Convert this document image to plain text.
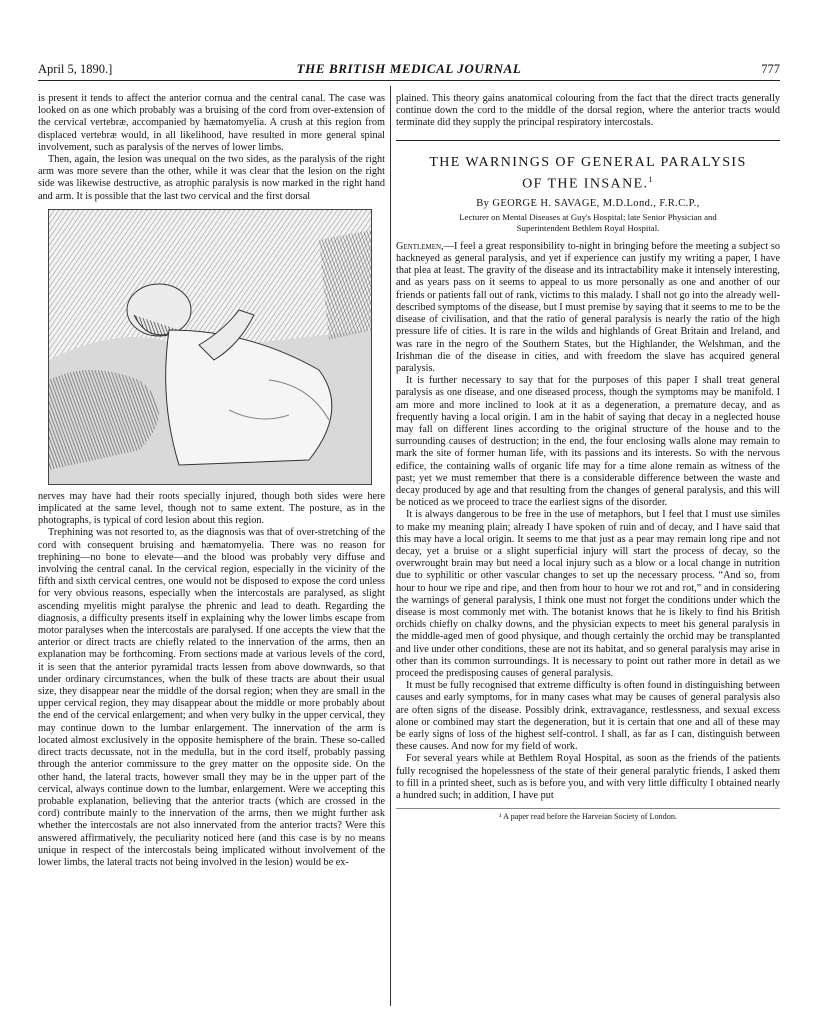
April 5, 1890.]	THE BRITISH MEDICAL JOURNAL	777

is present it tends to affect the anterior cornua and the central canal. The case was looked on as one which probably was a bruising of the cord from over-extension of the cervical vertebræ, accompanied by hæmatomyelia. A crush at this region from displaced vertebræ would, in all likelihood, have resulted in more general spinal involvement, such as paralysis of the nerves of lower limbs.

Then, again, the lesion was unequal on the two sides, as the paralysis of the right arm was more severe than the other, while it was clear that the lesion on the right side was likewise destructive, as atrophic paralysis is now marked in the right hand and arm. It is possible that the last two cervical and the first dorsal

nerves may have had their roots specially injured, though both sides were here implicated at the same level, though not to same extent. The posture, as in the photographs, is typical of cord lesion about this region.

Trephining was not resorted to, as the diagnosis was that of over-stretching of the cord with consequent bruising and hæmatomyelia. There was no reason for trephining—no bone to elevate—and the blood was probably very diffuse and involving the central canal. In the cervical region, especially in the vicinity of the fifth and sixth cervical centres, one would not be disposed to expose the cord unless for very obvious reasons, especially when the intercostals are paralysed, as slight ascending myelitis might paralyse the phrenic and lead to death. Regarding the diagnosis, a difficulty presents itself in explaining why the lower limbs escape from motor paralyses when the intercostals are paralysed. If one accepts the view that the anterior or direct tracts are chiefly related to the innervation of the arms, then an explanation may be forthcoming. From sections made at various levels of the cord, it is seen that the anterior pyramidal tracts lessen from above downwards, so that under ordinary circumstances, when the bulk of these tracts are about their usual size, they disappear near the middle of the dorsal region; when they are small in the upper cervical region, they may disappear about the middle or more probably about the end of the cervical enlargement; and when very bulky in the upper cervical, they may continue down to the lumbar enlargement. The innervation of the arm is located almost exclusively in the opposite hemisphere of the brain. These so-called direct tracts decussate, not in the medulla, but in the cord itself, probably passing through the anterior commissure to the grey matter on the opposite side. On the other hand, the lateral tracts, however small they may be in the upper part of the cervical, always continue down to the lumbar, enlargement. Were we accepting this probable explanation, believing that the anterior tracts (which are crossed in the cord) contribute mainly to the innervation of the arms, then we might further ask whether the intercostals are not also innervated from the anterior tracts? Were this answered affirmatively, the peculiarity noticed here (and this case is by no means unique in respect of the intercostals being implicated without involvement of the lower limbs, the lateral tracts not being involved in the lesion) would be ex-

plained. This theory gains anatomical colouring from the fact that the direct tracts generally continue down the cord to the middle of the dorsal region, where the anterior tracts would terminate did they supply the principal respiratory intercostals.

THE WARNINGS OF GENERAL PARALYSIS
OF THE INSANE.$^1$
By GEORGE H. SAVAGE, M.D.Lond., F.R.C.P.,
Lecturer on Mental Diseases at Guy's Hospital; late Senior Physician and
Superintendent Bethlem Royal Hospital.

Gentlemen,—I feel a great responsibility to-night in bringing before the meeting a subject so hackneyed as general paralysis, and yet if experience can justify my writing a paper, I have that plea at least. The gravity of the disease and its intractability make it intensely interesting, and as years pass on it seems to appeal to us more personally as one and another of our friends or patients fall out of rank, victims to this malady. I shall not go into the already well-described symptoms of the disease, but I must premise by saying that it seems to me to be the disease of civilisation, and that the ratio of general paralysis is nearly the ratio of the high pressure life of cities. It is rare in the wilds and highlands of Great Britain and Ireland, and was rare in the negro of the Southern States, but the Highlander, the Welshman, and the Irishman die of the disease in cities, and with freedom the slave has acquired general paralysis.

It is further necessary to say that for the purposes of this paper I shall treat general paralysis as one disease, and one diseased process, though the symptoms may be manifold. I am more and more inclined to look at it as a degeneration, a premature decay, and as frequently having a local origin. I am in the habit of saying that decay in a neglected house may fall on different lines according to the original structure of the house and to the surrounding causes of destruction; in the end, the four enclosing walls alone may remain to mark the site of former human life, with its passions and its interests. So with the nervous edifice, the containing walls of organic life may for a time alone remain as witness of the past; yet we must remember that there is a considerable difference between the waste and decay produced by age and that resulting from the changes of general paralysis, and this will be noticed as we proceed to trace the earliest signs of the disorder.

It is always dangerous to be free in the use of metaphors, but I feel that I must use similes to make my meaning plain; already I have spoken of ruin and of decay, and I have said that this may have a local origin. It seems to me that just as a pear may remain long ripe and not decay, yet a bruise or a slight superficial injury will start the process of decay, so the overwrought brain may but need a local injury such as a blow or a local change in nutrition due to syphilitic or other vascular changes to set up the necessary process. “And so, from hour to hour we ripe and ripe, and then from hour to hour we rot and rot,” and in considering the warnings of general paralysis, I think one must not forget the conditions under which the disease is most commonly met with. The botanist knows that he is likely to find his British orchids chiefly on chalky downs, and the physician expects to meet his general paralysis in the middle-aged men of good physique, and though certainly the orchid may be transplanted and live under other conditions, these are not its habitat, and so general paralysis may arise in other than its common surroundings. It is necessary to point out rather more in detail as we proceed the predisposing causes of general paralysis.

It must be fully recognised that extreme difficulty is often found in distinguishing between causes and early symptoms, for in many cases what may be causes of general paralysis also are often signs of the disease. Possibly drink, extravagance, restlessness, and sexual excess alone or combined may start the degeneration, but it is certain that one and all of these may be early signs of loss of the highest self-control. I shall, as far as I can, distinguish between these causes. And now for my field of work.

For several years while at Bethlem Royal Hospital, as soon as the friends of the patients fully recognised the hopelessness of the state of their general paralytic friends, I asked them to fill in a printed sheet, such as is before you, and with very little difficulty I obtained nearly a hundred such; in addition, I have put

¹ A paper read before the Harveian Society of London.
